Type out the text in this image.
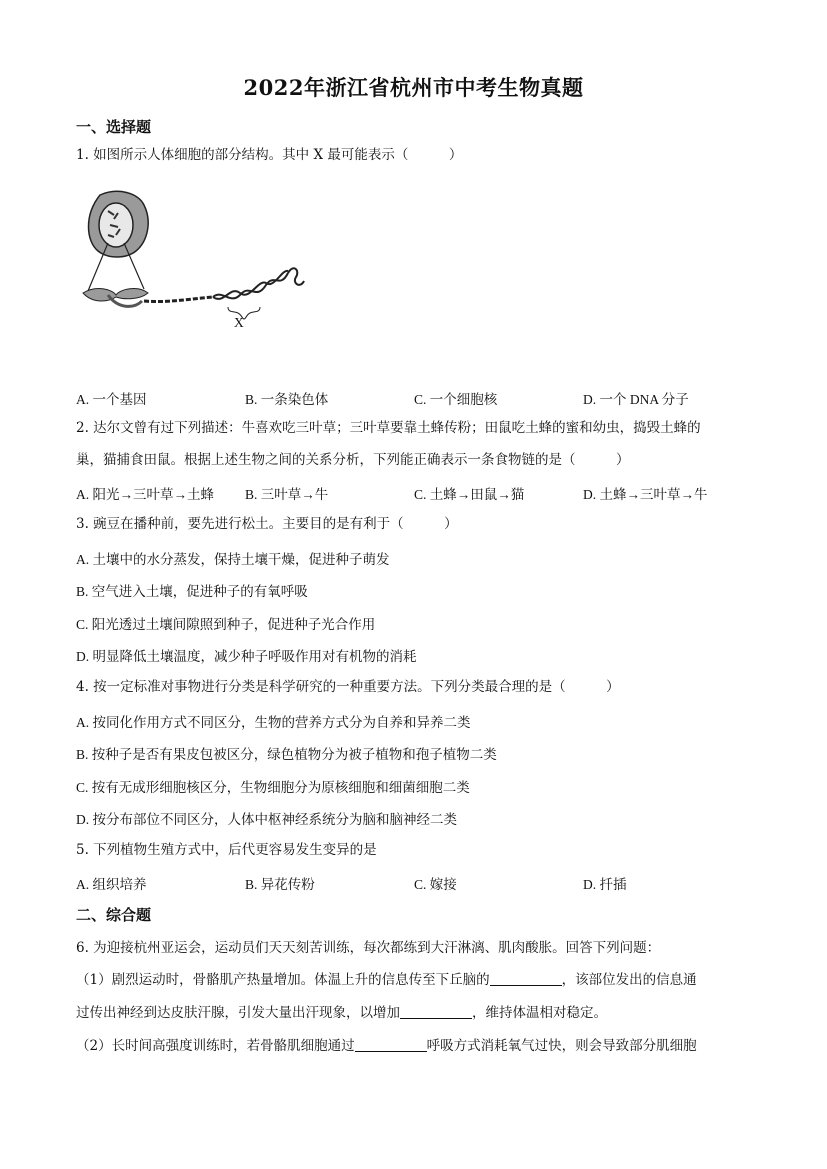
2022年浙江省杭州市中考生物真题
一、选择题
1. 如图所示人体细胞的部分结构。其中 X 最可能表示（　　　）
X
A. 一个基因	B. 一条染色体	C. 一个细胞核	D. 一个 DNA 分子
2. 达尔文曾有过下列描述：牛喜欢吃三叶草；三叶草要靠土蜂传粉；田鼠吃土蜂的蜜和幼虫，捣毁土蜂的
巢，猫捕食田鼠。根据上述生物之间的关系分析，下列能正确表示一条食物链的是（　　　）
A. 阳光→三叶草→土蜂 B. 三叶草→牛	C. 土蜂→田鼠→猫	D. 土蜂→三叶草→牛
3. 豌豆在播种前，要先进行松土。主要目的是有利于（　　　）
A. 土壤中的水分蒸发，保持土壤干燥，促进种子萌发
B. 空气进入土壤，促进种子的有氧呼吸
C. 阳光透过土壤间隙照到种子，促进种子光合作用
D. 明显降低土壤温度，减少种子呼吸作用对有机物的消耗
4. 按一定标准对事物进行分类是科学研究的一种重要方法。下列分类最合理的是（　　　）
A. 按同化作用方式不同区分，生物的营养方式分为自养和异养二类
B. 按种子是否有果皮包被区分，绿色植物分为被子植物和孢子植物二类
C. 按有无成形细胞核区分，生物细胞分为原核细胞和细菌细胞二类
D. 按分布部位不同区分，人体中枢神经系统分为脑和脑神经二类
5. 下列植物生殖方式中，后代更容易发生变异的是
A. 组织培养	B. 异花传粉	C. 嫁接	D. 扦插
二、综合题
6. 为迎接杭州亚运会，运动员们天天刻苦训练，每次都练到大汗淋漓、肌肉酸胀。回答下列问题：
（1）剧烈运动时，骨骼肌产热量增加。体温上升的信息传至下丘脑的	，该部位发出的信息通
过传出神经到达皮肤汗腺，引发大量出汗现象，以增加	，维持体温相对稳定。
（2）长时间高强度训练时，若骨骼肌细胞通过	呼吸方式消耗氧气过快，则会导致部分肌细胞
